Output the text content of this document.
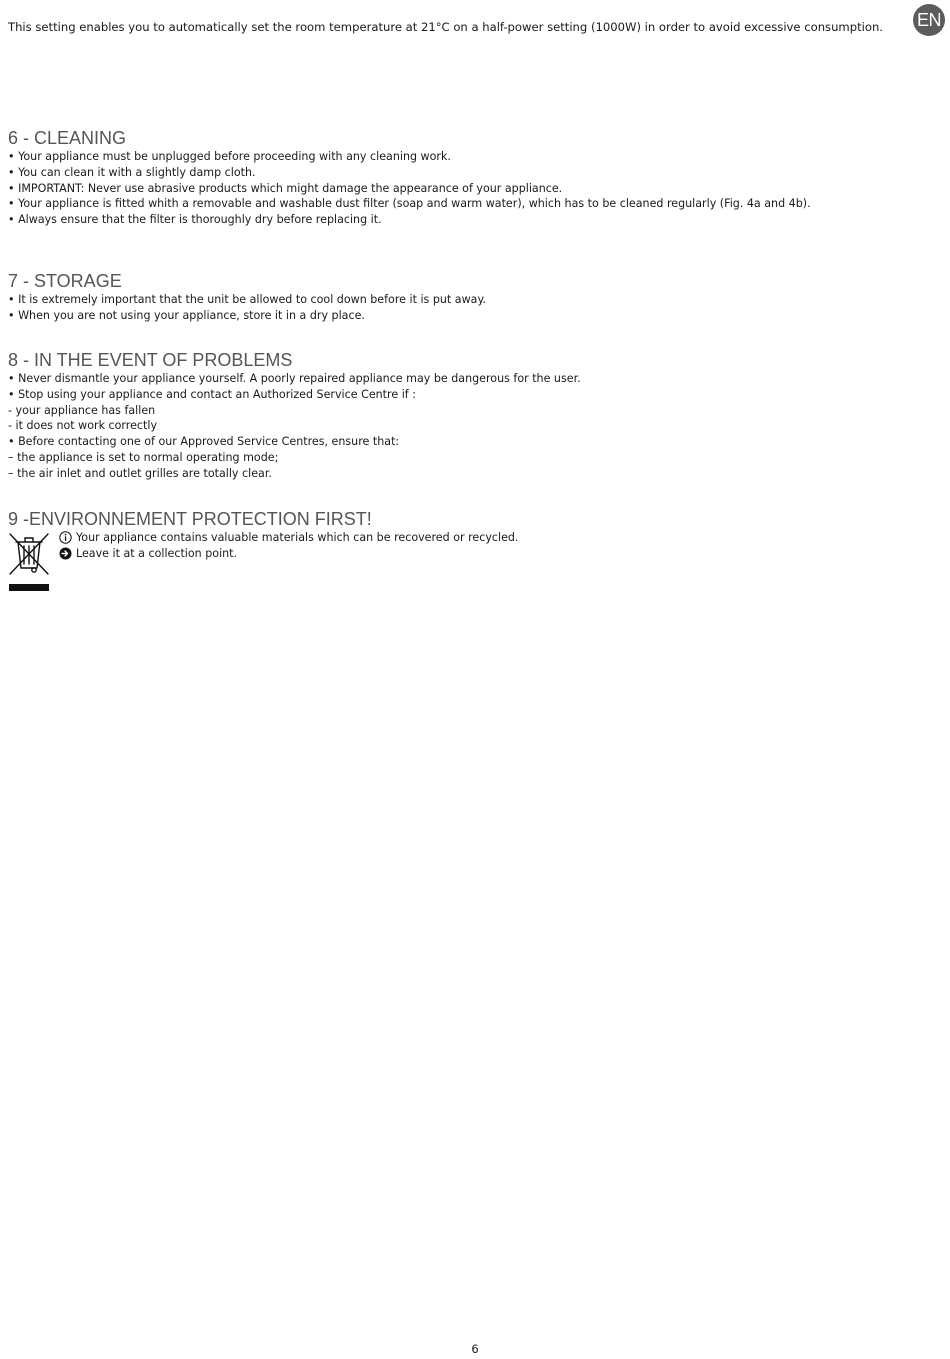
EN

This setting enables you to automatically set the room temperature at 21°C on a half-power setting (1000W) in order to avoid excessive consumption.

6 - CLEANING
• Your appliance must be unplugged before proceeding with any cleaning work.
• You can clean it with a slightly damp cloth.
• IMPORTANT: Never use abrasive products which might damage the appearance of your appliance.
• Your appliance is fitted whith a removable and washable dust filter (soap and warm water), which has to be cleaned regularly (Fig. 4a and 4b).
• Always ensure that the filter is thoroughly dry before replacing it.
7 - STORAGE
• It is extremely important that the unit be allowed to cool down before it is put away.
• When you are not using your appliance, store it in a dry place.
8 - IN THE EVENT OF PROBLEMS
• Never dismantle your appliance yourself. A poorly repaired appliance may be dangerous for the user.
• Stop using your appliance and contact an Authorized Service Centre if :
- your appliance has fallen
- it does not work correctly
• Before contacting one of our Approved Service Centres, ensure that:
– the appliance is set to normal operating mode;
– the air inlet and outlet grilles are totally clear.
9 -ENVIRONNEMENT PROTECTION FIRST!
Your appliance contains valuable materials which can be recovered or recycled.
Leave it at a collection point.
6
